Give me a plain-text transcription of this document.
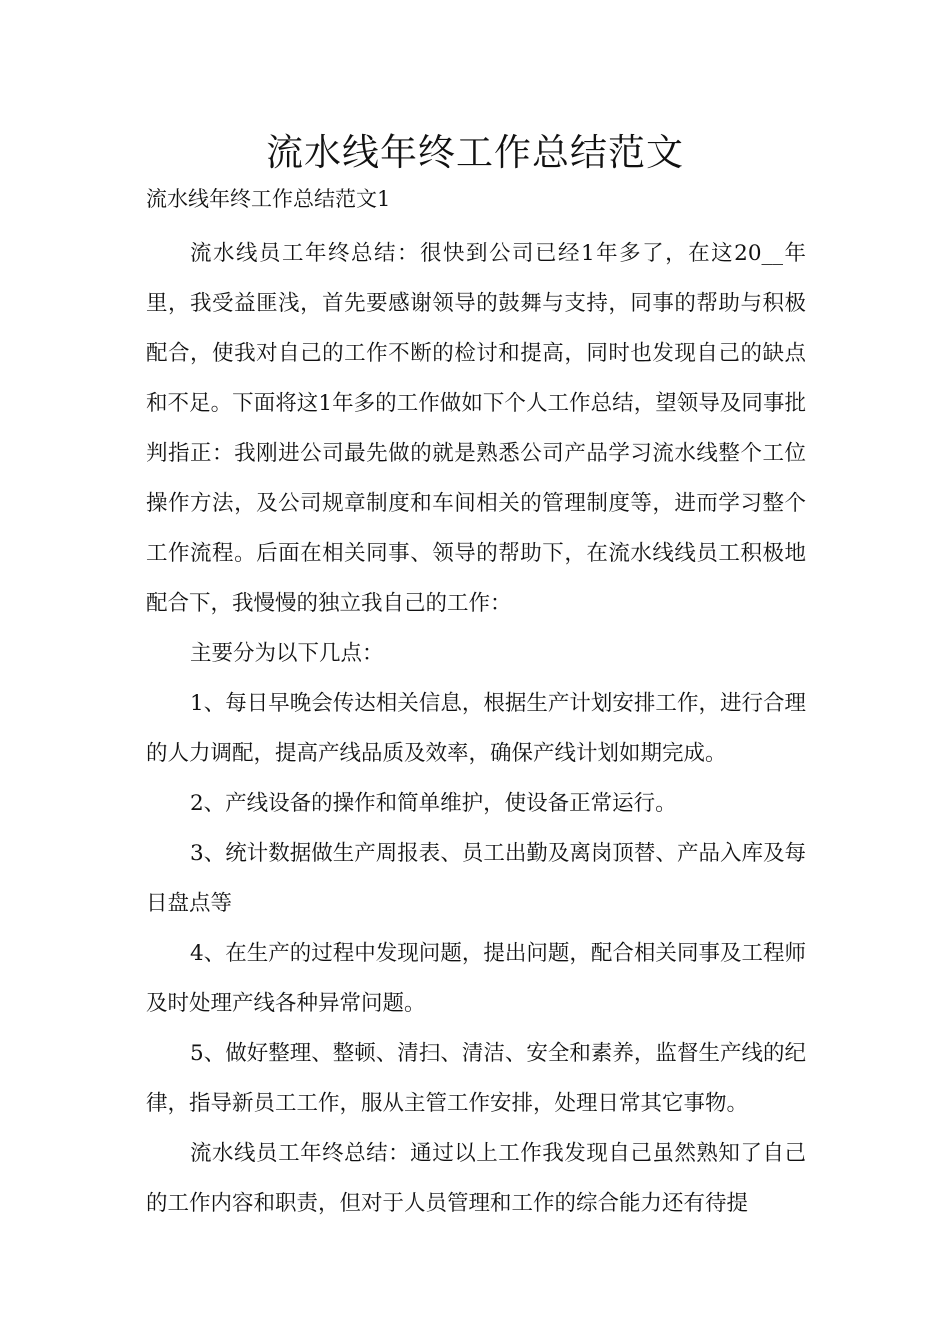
流水线年终工作总结范文

流水线年终工作总结范文1

流水线员工年终总结：很快到公司已经1年多了，在这20__年里，我受益匪浅，首先要感谢领导的鼓舞与支持，同事的帮助与积极配合，使我对自己的工作不断的检讨和提高，同时也发现自己的缺点和不足。下面将这1年多的工作做如下个人工作总结，望领导及同事批判指正：我刚进公司最先做的就是熟悉公司产品学习流水线整个工位操作方法，及公司规章制度和车间相关的管理制度等，进而学习整个工作流程。后面在相关同事、领导的帮助下，在流水线线员工积极地配合下，我慢慢的独立我自己的工作：

主要分为以下几点：

1、每日早晚会传达相关信息，根据生产计划安排工作，进行合理的人力调配，提高产线品质及效率，确保产线计划如期完成。

2、产线设备的操作和简单维护，使设备正常运行。

3、统计数据做生产周报表、员工出勤及离岗顶替、产品入库及每日盘点等

4、在生产的过程中发现问题，提出问题，配合相关同事及工程师及时处理产线各种异常问题。

5、做好整理、整顿、清扫、清洁、安全和素养，监督生产线的纪律，指导新员工工作，服从主管工作安排，处理日常其它事物。

流水线员工年终总结：通过以上工作我发现自己虽然熟知了自己的工作内容和职责，但对于人员管理和工作的综合能力还有待提
